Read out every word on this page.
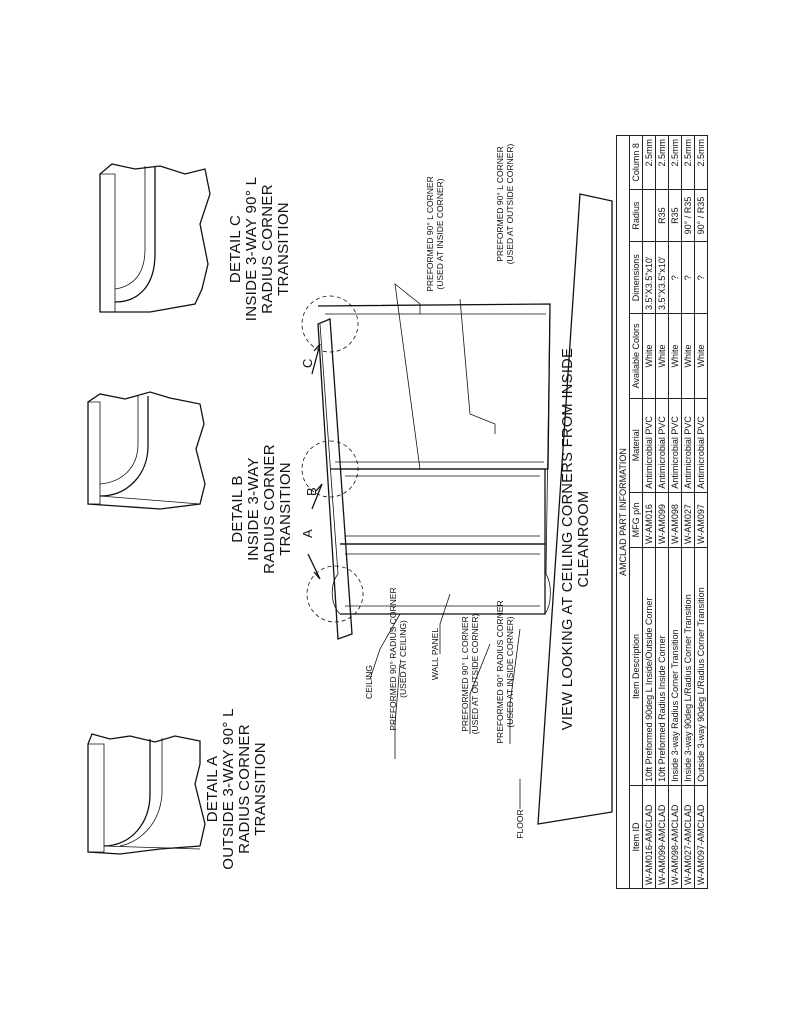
DETAIL A OUTSIDE 3-WAY 90° L RADIUS CORNER TRANSITION
DETAIL B INSIDE 3-WAY RADIUS CORNER TRANSITION
DETAIL C INSIDE 3-WAY 90° L RADIUS CORNER TRANSITION
A
B
C
CEILING PREFORMED 90° RADIUS CORNER (USED AT CEILING)	WALL PANEL PREFORMED 90° L CORNER (USED AT OUTSIDE CORNER) PREFORMED 90° RADIUS CORNER (USED AT INSIDE CORNER)
FLOOR
PREFORMED 90° L CORNER (USED AT INSIDE CORNER)	PREFORMED 90° L CORNER (USED AT OUTSIDE CORNER)
VIEW LOOKING AT CEILING CORNERS FROM INSIDE CLEANROOM	AMCLAD PART INFORMATION							
Item ID	Item Description	MFG p/n	Material	Available Colors	Dimensions	Radius	Column 8
W-AM016-AMCLAD	10ft Preformed 90deg L Inside/Outside Corner	W-AM016	Antimicrobial PVC	White	3.5"X3.5"x10'		2.5mm
W-AM099-AMCLAD	10ft Preformed Radius Inside Corner	W-AM099	Antimicrobial PVC	White	3.5"X3.5"x10'	R35	2.5mm
W-AM098-AMCLAD	Inside 3-way Radius Corner Transition	W-AM098	Antimicrobial PVC	White	?	R35	2.5mm
W-AM027-AMCLAD	Inside 3-way 90deg L/Radius Corner Transition	W-AM027	Antimicrobial PVC	White	?	90° / R35	2.5mm
W-AM097-AMCLAD	Outside 3-way 90deg L/Radius Corner Transition	W-AM097	Antimicrobial PVC	White	?	90° / R35	2.5mm
